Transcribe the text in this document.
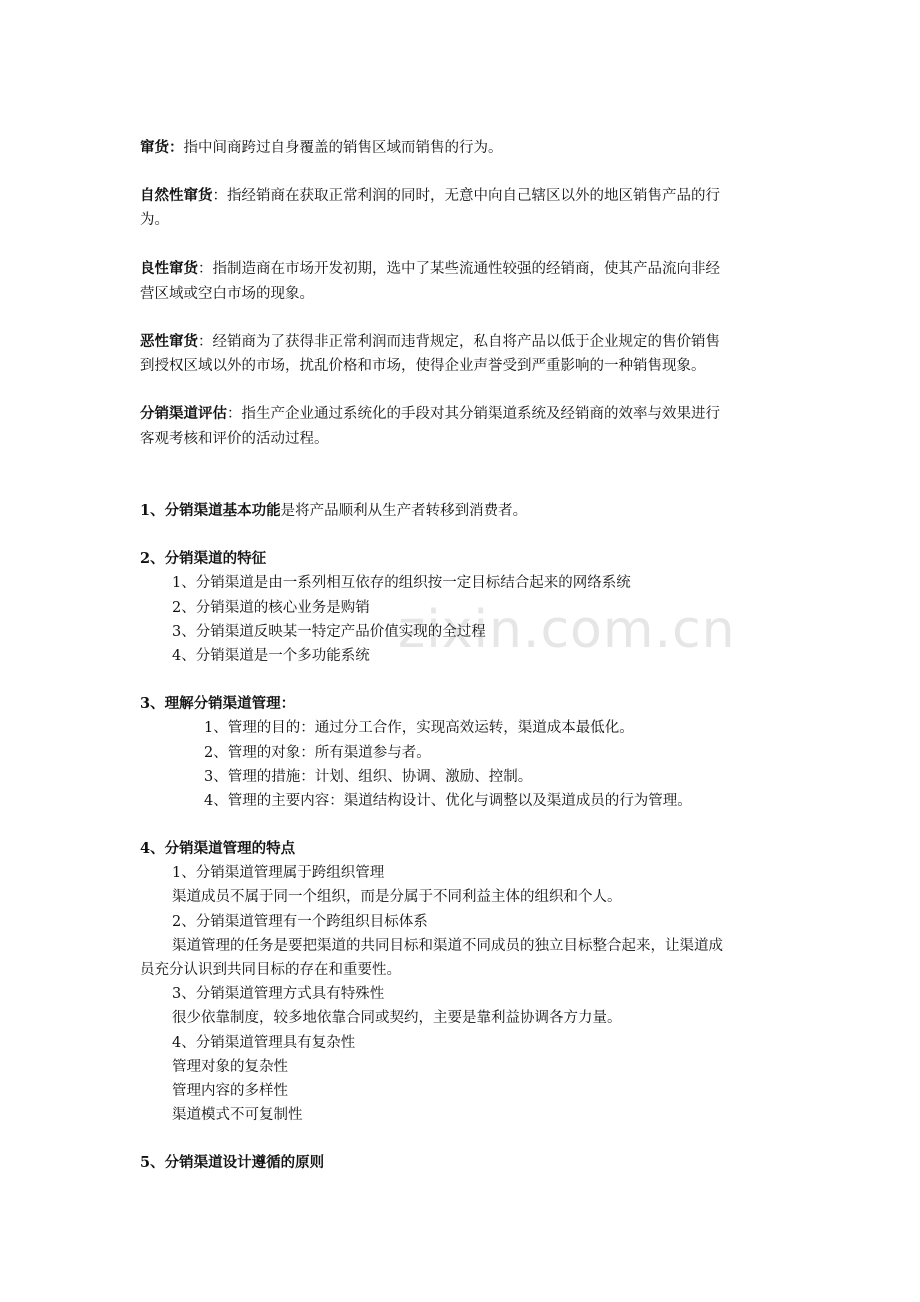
zixin.com.cn
窜货：指中间商跨过自身覆盖的销售区域而销售的行为。
自然性窜货：指经销商在获取正常利润的同时，无意中向自己辖区以外的地区销售产品的行
为。
良性窜货：指制造商在市场开发初期，选中了某些流通性较强的经销商，使其产品流向非经
营区域或空白市场的现象。
恶性窜货：经销商为了获得非正常利润而违背规定，私自将产品以低于企业规定的售价销售
到授权区域以外的市场，扰乱价格和市场，使得企业声誉受到严重影响的一种销售现象。
分销渠道评估：指生产企业通过系统化的手段对其分销渠道系统及经销商的效率与效果进行
客观考核和评价的活动过程。
1、分销渠道基本功能是将产品顺利从生产者转移到消费者。
2、分销渠道的特征
1、分销渠道是由一系列相互依存的组织按一定目标结合起来的网络系统
2、分销渠道的核心业务是购销
3、分销渠道反映某一特定产品价值实现的全过程
4、分销渠道是一个多功能系统
3、理解分销渠道管理：
1、管理的目的：通过分工合作，实现高效运转，渠道成本最低化。
2、管理的对象：所有渠道参与者。
3、管理的措施：计划、组织、协调、激励、控制。
4、管理的主要内容：渠道结构设计、优化与调整以及渠道成员的行为管理。
4、分销渠道管理的特点
1、分销渠道管理属于跨组织管理
渠道成员不属于同一个组织，而是分属于不同利益主体的组织和个人。
2、分销渠道管理有一个跨组织目标体系
渠道管理的任务是要把渠道的共同目标和渠道不同成员的独立目标整合起来，让渠道成
员充分认识到共同目标的存在和重要性。
3、分销渠道管理方式具有特殊性
很少依靠制度，较多地依靠合同或契约，主要是靠利益协调各方力量。
4、分销渠道管理具有复杂性
管理对象的复杂性
管理内容的多样性
渠道模式不可复制性
5、分销渠道设计遵循的原则
